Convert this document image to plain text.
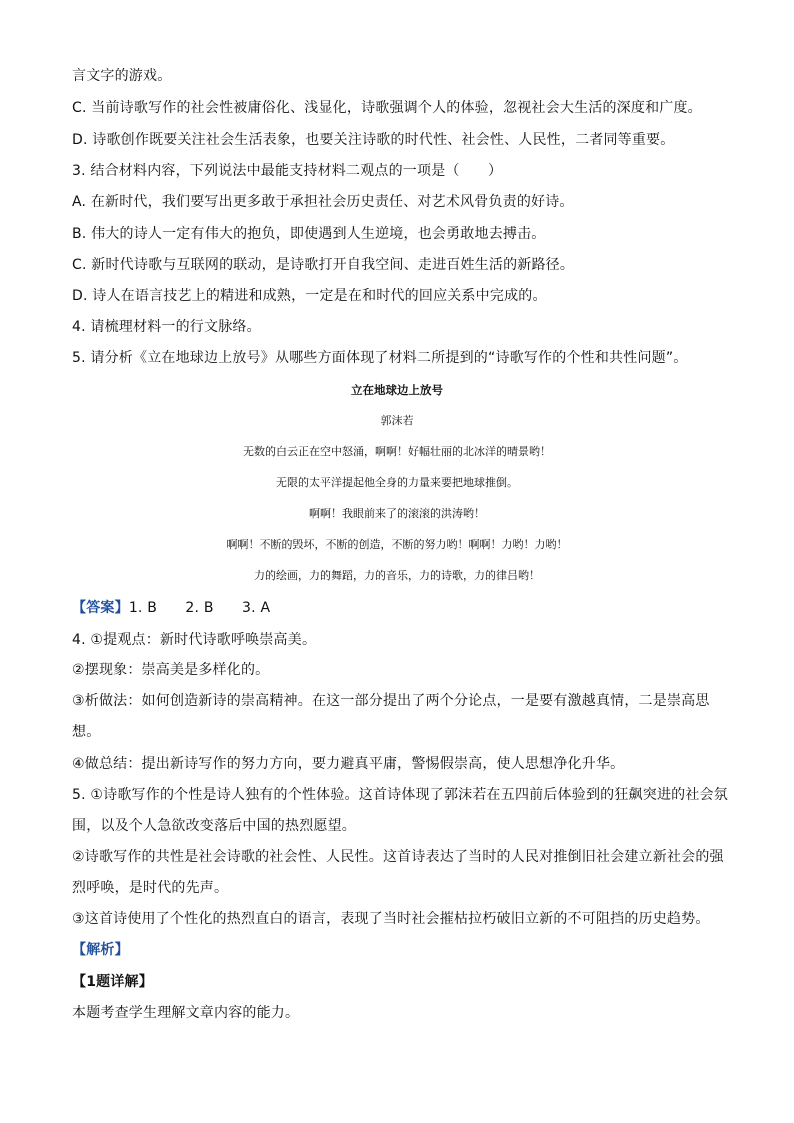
言文字的游戏。
C. 当前诗歌写作的社会性被庸俗化、浅显化，诗歌强调个人的体验，忽视社会大生活的深度和广度。
D. 诗歌创作既要关注社会生活表象，也要关注诗歌的时代性、社会性、人民性，二者同等重要。
3. 结合材料内容，下列说法中最能支持材料二观点的一项是（　　）
A. 在新时代，我们要写出更多敢于承担社会历史责任、对艺术风骨负责的好诗。
B. 伟大的诗人一定有伟大的抱负，即使遇到人生逆境，也会勇敢地去搏击。
C. 新时代诗歌与互联网的联动，是诗歌打开自我空间、走进百姓生活的新路径。
D. 诗人在语言技艺上的精进和成熟，一定是在和时代的回应关系中完成的。
4. 请梳理材料一的行文脉络。
5. 请分析《立在地球边上放号》从哪些方面体现了材料二所提到的“诗歌写作的个性和共性问题”。
立在地球边上放号
郭沫若
无数的白云正在空中怒涌，啊啊！好幅壮丽的北冰洋的晴景哟！
无限的太平洋提起他全身的力量来要把地球推倒。
啊啊！我眼前来了的滚滚的洪涛哟！
啊啊！不断的毁坏，不断的创造，不断的努力哟！啊啊！力哟！力哟！
力的绘画，力的舞蹈，力的音乐，力的诗歌，力的律吕哟！
【答案】1. B　　2. B　　3. A
4. ①提观点：新时代诗歌呼唤崇高美。
②摆现象：崇高美是多样化的。
③析做法：如何创造新诗的崇高精神。在这一部分提出了两个分论点，一是要有激越真情，二是崇高思
想。
④做总结：提出新诗写作的努力方向，要力避真平庸，警惕假崇高，使人思想净化升华。
5. ①诗歌写作的个性是诗人独有的个性体验。这首诗体现了郭沫若在五四前后体验到的狂飙突进的社会氛
围，以及个人急欲改变落后中国的热烈愿望。
②诗歌写作的共性是社会诗歌的社会性、人民性。这首诗表达了当时的人民对推倒旧社会建立新社会的强
烈呼唤，是时代的先声。
③这首诗使用了个性化的热烈直白的语言，表现了当时社会摧枯拉朽破旧立新的不可阻挡的历史趋势。
【解析】
【1题详解】
本题考查学生理解文章内容的能力。
